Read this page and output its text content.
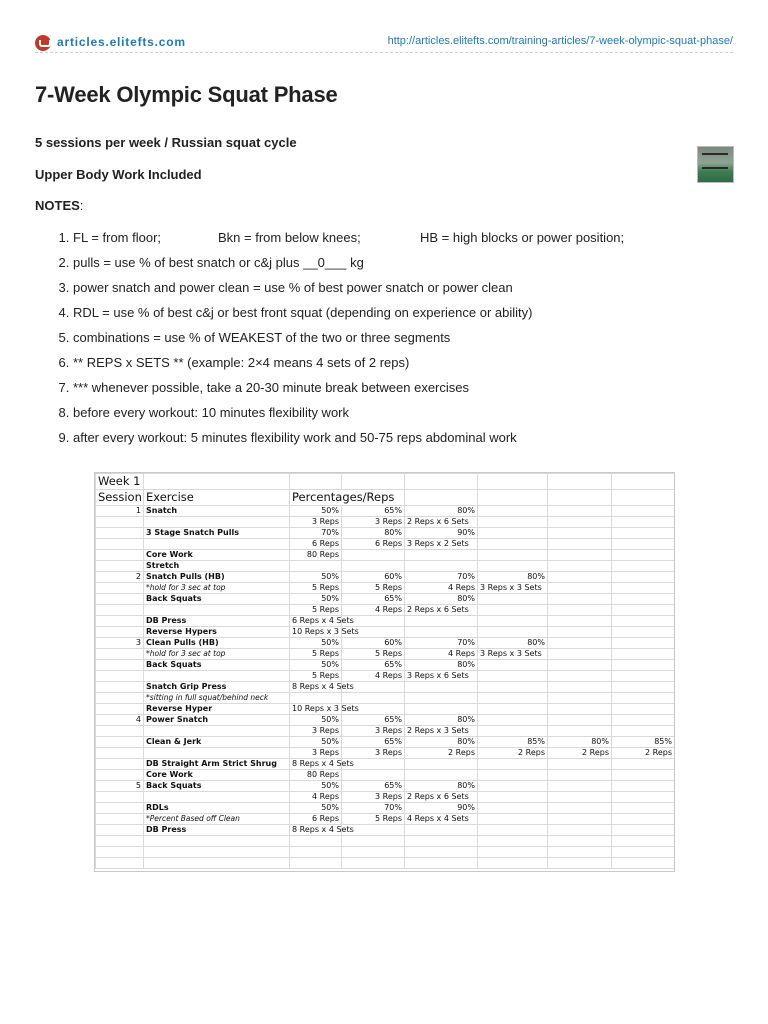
articles.elitefts.com	http://articles.elitefts.com/training-articles/7-week-olympic-squat-phase/
7-Week Olympic Squat Phase
5 sessions per week / Russian squat cycle
Upper Body Work Included
NOTES:
1. FL = from floor;	Bkn = from below knees;	HB = high blocks or power position;
2. pulls = use % of best snatch or c&j plus __0___ kg
3. power snatch and power clean = use % of best power snatch or power clean
4. RDL = use % of best c&j or best front squat (depending on experience or ability)
5. combinations = use % of WEAKEST of the two or three segments
6. ** REPS x SETS ** (example: 2×4 means 4 sets of 2 reps)
7. *** whenever possible, take a 20-30 minute break between exercises
8. before every workout: 10 minutes flexibility work
9. after every workout: 5 minutes flexibility work and 50-75 reps abdominal work
Week 1							
Session	Exercise	Percentages/Reps					
1	Snatch	50%	65%	80%			
		3 Reps	3 Reps	2 Reps x 6 Sets			
	3 Stage Snatch Pulls	70%	80%	90%			
		6 Reps	6 Reps	3 Reps x 2 Sets			
	Core Work	80 Reps					
	Stretch						
2	Snatch Pulls (HB)	50%	60%	70%	80%		
	*hold for 3 sec at top	5 Reps	5 Reps	4 Reps	3 Reps x 3 Sets		
	Back Squats	50%	65%	80%			
		5 Reps	4 Reps	2 Reps x 6 Sets			
	DB Press	6 Reps x 4 Sets					
	Reverse Hypers	10 Reps x 3 Sets					
3	Clean Pulls (HB)	50%	60%	70%	80%		
	*hold for 3 sec at top	5 Reps	5 Reps	4 Reps	3 Reps x 3 Sets		
	Back Squats	50%	65%	80%			
		5 Reps	4 Reps	3 Reps x 6 Sets			
	Snatch Grip Press	8 Reps x 4 Sets					
	*sitting in full squat/behind neck						
	Reverse Hyper	10 Reps x 3 Sets					
4	Power Snatch	50%	65%	80%			
		3 Reps	3 Reps	2 Reps x 3 Sets			
	Clean & Jerk	50%	65%	80%	85%	80%	85%
		3 Reps	3 Reps	2 Reps	2 Reps	2 Reps	2 Reps
	DB Straight Arm Strict Shrug	8 Reps x 4 Sets					
	Core Work	80 Reps					
5	Back Squats	50%	65%	80%			
		4 Reps	3 Reps	2 Reps x 6 Sets			
	RDLs	50%	70%	90%			
	*Percent Based off Clean	6 Reps	5 Reps	4 Reps x 4 Sets			
	DB Press	8 Reps x 4 Sets					
